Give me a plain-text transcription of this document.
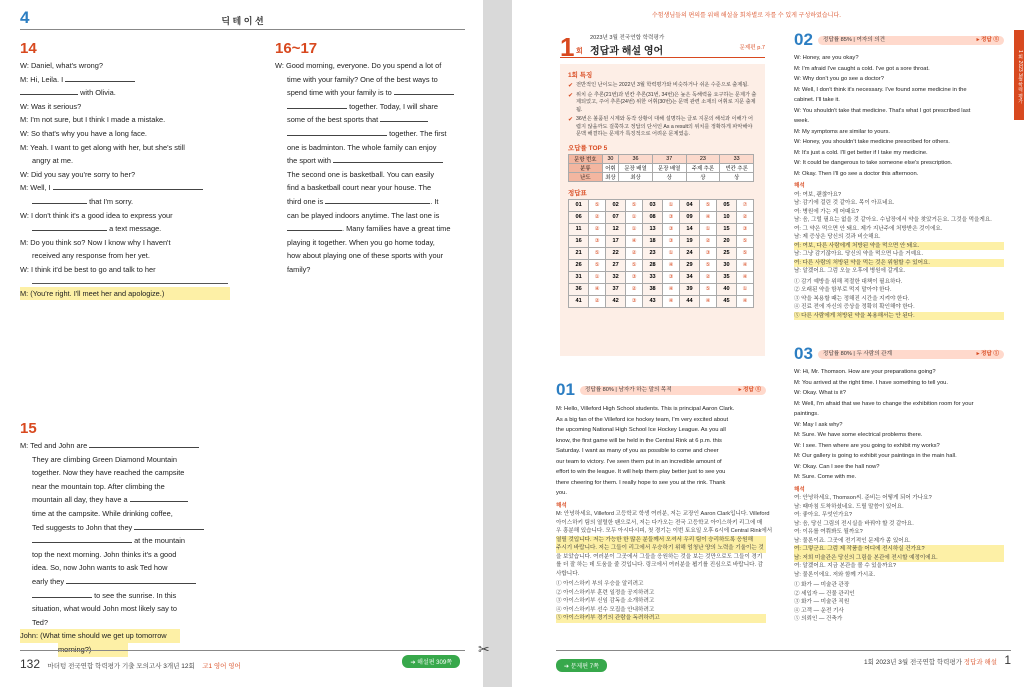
4	딕 테 이 션
14
W: Daniel, what's wrong?
M: Hi, Leila. I
with Olivia.
W: Was it serious?
M: I'm not sure, but I think I made a mistake.
W: So that's why you have a long face.
M: Yeah. I want to get along with her, but she's still
angry at me.
W: Did you say you're sorry to her?
M: Well, I
that I'm sorry.
W: I don't think it's a good idea to express your
a text message.
M: Do you think so? Now I know why I haven't
received any response from her yet.
W: I think it'd be best to go and talk to her
M: (You're right. I'll meet her and apologize.)
16~17
W: Good morning, everyone. Do you spend a lot of
time with your family? One of the best ways to
spend time with your family is to
together. Today, I will share
some of the best sports that
together. The first
one is badminton. The whole family can enjoy
the sport with
The second one is basketball. You can easily
find a basketball court near your house. The
third one is	. It
can be played indoors anytime. The last one is
. Many families have a great time
playing it together. When you go home today,
how about playing one of these sports with your
family?
15
M: Ted and John are
They are climbing Green Diamond Mountain
together. Now they have reached the campsite
near the mountain top. After climbing the
mountain all day, they have a
time at the campsite. While drinking coffee,
Ted suggests to John that they
at the mountain
top the next morning. John thinks it's a good
idea. So, now John wants to ask Ted how
early they
to see the sunrise. In this
situation, what would John most likely say to
Ted?
John: (What time should we get up tomorrow
morning?)
132 마더텅 전국연합 학력평가 기출 모의고사 3개년 12회 고1 영어 영어	➔ 해설편 309쪽
✂
수험생님들의 편의를 위해 해설을 회차별로 자를 수 있게 구성하였습니다.
1 회 2023 3월 학력 평가
1 회
2023년 3월 전국연합 학력평가
정답과 해설 영어	문제편 p.7
1회 특징
✔ 전반적인 난이도는 2022년 3월 학력평가와 비슷하거나 쉬운 수준으로 출제됨.
✔ 위치 순 추론(21번)과 빈칸 추론(31번, 34번)은 높은 독해력을 요구하는 문제가 출제되었고, 주어 추론(24번) 위한 어휘(30번)는 문맥 관련 소재의 어휘로 지문 출제됨.
✔ 36번은 볼품된 시계와 동작 상황이 대해 설명하는 글로 지문의 해석과 이해가 어렵지 않을까도 걸쭉하고 정답의 단서인 As a result의 위치를 정확하게 파악해야 문맥 해결하는 문제가 특징적으로 어려운 문제였음.
오답률 TOP 5
문항 번호	30	36	37	23	33
분류	어휘	문장 배열	문장 배열	주제 추론	빈칸 추론
난도	최상	최상	상	상	상
정답표
01	⑤	02	⑤	03	①	04	⑤	05	⑦
06	②	07	①	08	③	09	④	10	②
11	②	12	①	13	③	14	①	15	③
16	③	17	④	18	③	19	②	20	⑤
21	⑤	22	②	23	①	24	③	25	⑤
26	⑤	27	⑤	28	④	29	⑤	30	④
31	①	32	③	33	③	34	②	35	④
36	④	37	②	38	④	39	⑤	40	①
41	②	42	③	43	④	44	④	45	④
01 정답률 80% | 남자가 하는 말의 목적	▸ 정답 ⑤
M: Hello, Villeford High School students. This is principal Aaron Clark.
As a big fan of the Villeford ice hockey team, I'm very excited about
the upcoming National High School Ice Hockey League. As you all
know, the first game will be held in the Central Rink at 6 p.m. this
Saturday. I want as many of you as possible to come and cheer
our team to victory. I've seen them put in an incredible amount of
effort to win the league. It will help them play better just to see you
there cheering for them. I really hope to see you at the rink. Thank
you.
해석
M: 안녕하세요, Villeford 고등학교 학생 여러분, 저는 교장인 Aaron Clark입니다. Villeford
아이스하키 팀의 열렬한 팬으로서, 저는 다가오는 전국 고등학교 아이스하키 리그에 매
우 흥분해 있습니다. 모두 아시다시피, 첫 경기는 이번 토요일 오후 6시에 Central Rink에서
열릴 것입니다. 저는 가능한 한 많은 분들께서 오셔서 우리 팀이 승리하도록 응원해
주시기 바랍니다. 저는 그들이 리그에서 우승하기 위해 엄청난 양의 노력을 기울이는 것
을 보았습니다. 여러분이 그곳에서 그들을 응원하는 것을 보는 것만으로도 그들이 경기
를 더 잘 하는 데 도움을 줄 것입니다. 링크에서 여러분을 뵙기를 진심으로 바랍니다. 감
사합니다.
① 아이스하키 부의 우승을 알리려고
② 아이스하키부 훈련 일정을 공지하려고
③ 아이스하키부 신임 감독을 소개하려고
④ 아이스하키부 선수 모집을 안내하려고
⑤ 아이스하키부 경기의 관람을 독려하려고
02 정답률 85% | 여자의 의견	▸ 정답 ⑤
W: Honey, are you okay?
M: I'm afraid I've caught a cold. I've got a sore throat.
W: Why don't you go see a doctor?
M: Well, I don't think it's necessary. I've found some medicine in the
cabinet. I'll take it.
W: You shouldn't take that medicine. That's what I got prescribed last
week.
M: My symptoms are similar to yours.
W: Honey, you shouldn't take medicine prescribed for others.
M: It's just a cold. I'll get better if I take my medicine.
W: It could be dangerous to take someone else's prescription.
M: Okay. Then I'll go see a doctor this afternoon.
해석
여: 여보, 괜찮아요?
남: 감기에 걸린 것 같아요. 목이 아프네요.
여: 병원에 가는 게 어때요?
남: 음, 그럴 필요는 없을 것 같아요. 수납장에서 약을 찾았거든요. 그것을 먹을게요.
여: 그 약은 먹으면 안 돼요. 제가 지난주에 처방받은 것이에요.
남: 제 증상은 당신의 것과 비슷해요.
여: 여보, 다른 사람에게 처방된 약을 먹으면 안 돼요.
남: 그냥 감기잖아요. 당신의 약을 먹으면 나을 거예요.
여: 다른 사람의 처방된 약을 먹는 것은 위험할 수 있어요.
남: 알겠어요. 그럼 오늘 오후에 병원에 갈게요.
① 감기 예방을 위해 적절한 대책이 필요하다.
② 오래된 약을 함부로 먹지 말아야 한다.
③ 약을 복용할 때는 정해진 시간을 지켜야 한다.
④ 진료 전에 자신의 증상을 정확히 확인해야 한다.
⑤ 다른 사람에게 처방된 약을 복용해서는 안 된다.
03 정답률 80% | 두 사람의 관계	▸ 정답 ①
W: Hi, Mr. Thomson. How are your preparations going?
M: You arrived at the right time. I have something to tell you.
W: Okay. What is it?
M: Well, I'm afraid that we have to change the exhibition room for your
paintings.
W: May I ask why?
M: Sure. We have some electrical problems there.
W: I see. Then where are you going to exhibit my works?
M: Our gallery is going to exhibit your paintings in the main hall.
W: Okay. Can I see the hall now?
M: Sure. Come with me.
해석
여: 안녕하세요, Thomson씨. 준비는 어떻게 되어 가나요?
남: 때마침 도착하셨네요. 드릴 말씀이 있어요.
여: 좋아요. 무엇인가요?
남: 음, 당신 그림의 전시실을 바꿔야 할 것 같아요.
여: 이유를 여쭤봐도 될까요?
남: 물론이죠. 그곳에 전기적인 문제가 좀 있어요.
여: 그렇군요. 그럼 제 작품을 어디에 전시하실 건가요?
남: 저희 미술관은 당신의 그림을 본관에 전시할 예정이에요.
여: 알겠어요. 지금 본관을 볼 수 있을까요?
남: 물론이에요. 저와 함께 가시죠.
① 화가 — 미술관 관장
② 세입자 — 건물 관리인
③ 화가 — 미술관 직원
④ 고객 — 운전 기사
⑤ 의뢰인 — 건축가
➔ 문제편 7쪽
1회 2023년 3월 전국연합 학력평가 정답과 해설 1
